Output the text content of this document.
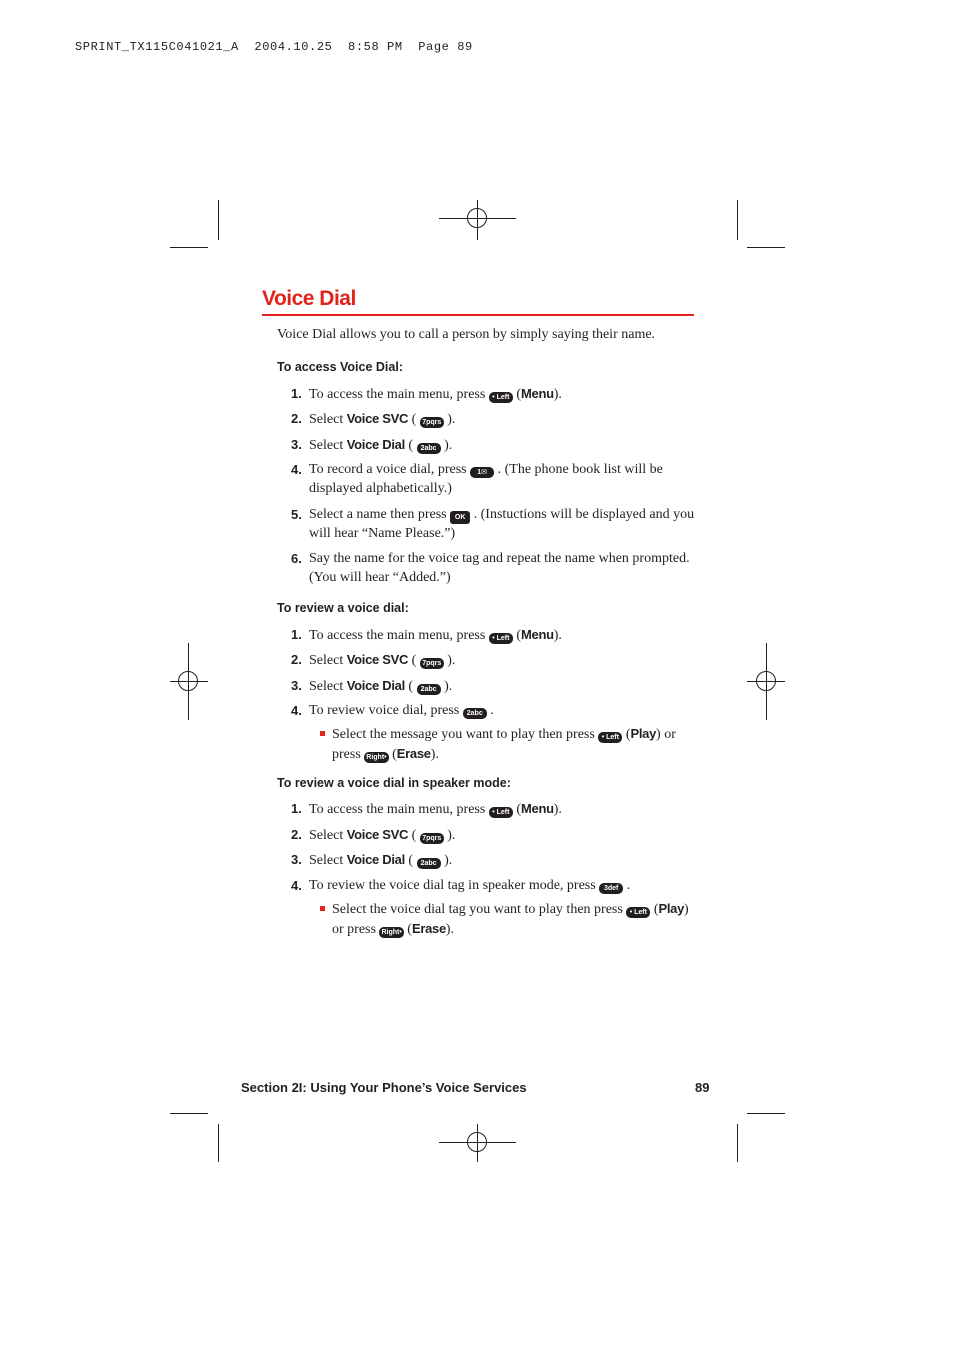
SPRINT_TX115C041021_A  2004.10.25  8:58 PM  Page 89
Voice Dial
Voice Dial allows you to call a person by simply saying their name.
To access Voice Dial:
1. To access the main menu, press • Left (Menu).
2. Select Voice SVC ( 7pqrs ).
3. Select Voice Dial ( 2abc ).
4. To record a voice dial, press 1✉ . (The phone book list will be displayed alphabetically.)
5. Select a name then press OK . (Instuctions will be displayed and you will hear “Name Please.”)
6. Say the name for the voice tag and repeat the name when prompted. (You will hear “Added.”)
To review a voice dial:
1. To access the main menu, press • Left (Menu).
2. Select Voice SVC ( 7pqrs ).
3. Select Voice Dial ( 2abc ).
4. To review voice dial, press 2abc .
Select the message you want to play then press • Left (Play) or press Right• (Erase).
To review a voice dial in speaker mode:
1. To access the main menu, press • Left (Menu).
2. Select Voice SVC ( 7pqrs ).
3. Select Voice Dial ( 2abc ).
4. To review the voice dial tag in speaker mode, press 3def .
Select the voice dial tag you want to play then press • Left (Play) or press Right• (Erase).
Section 2I: Using Your Phone’s Voice Services	89
